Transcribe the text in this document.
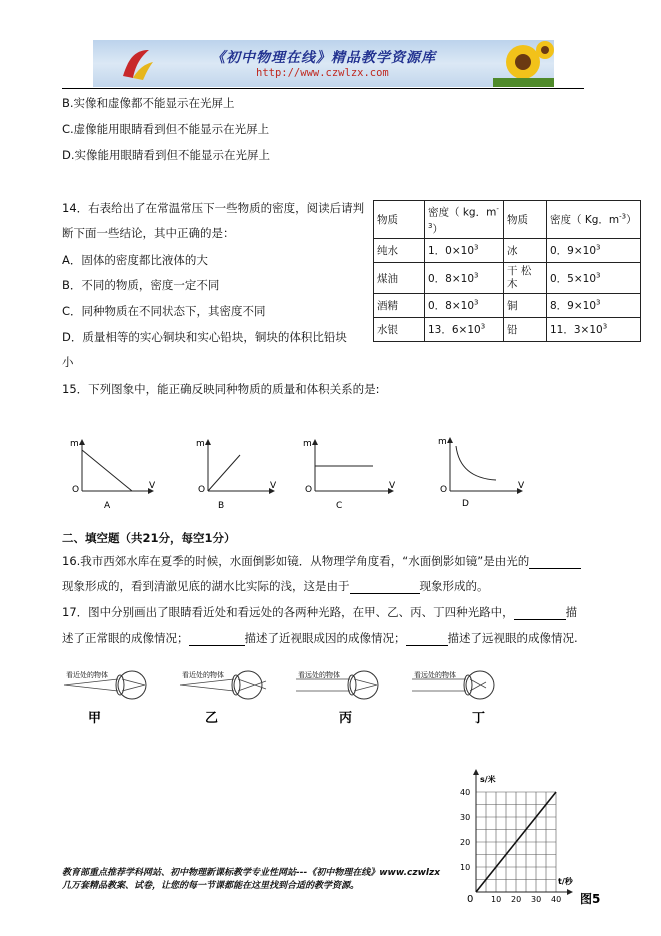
《初中物理在线》精品教学资源库
http://www.czwlzx.com
B.实像和虚像都不能显示在光屏上
C.虚像能用眼睛看到但不能显示在光屏上
D.实像能用眼睛看到但不能显示在光屏上
14．右表给出了在常温常压下一些物质的密度，阅读后请判
断下面一些结论，其中正确的是：
A．固体的密度都比液体的大
B．不同的物质，密度一定不同
C．同种物质在不同状态下，其密度不同
D．质量相等的实心铜块和实心铅块，铜块的体积比铅块
小
物质	密度（ kg．$m^{-3}$）	物质	密度（ Kg．$m^{-3}$）
纯水	1．$0\times 10^3$	冰	0．$9\times 10^3$
煤油	0．$8\times 10^3$	干 松 木	0．$5\times 10^3$
酒精	0．$8\times 10^3$	铜	8．$9\times 10^3$
水银	13．$6\times 10^3$	铅	11．$3\times 10^3$
15．下列图象中，能正确反映同种物质的质量和体积关系的是:
m
O	V
A
m
O	V
B
m
O	V
C
m
O	V
D
二、填空题（共21分，每空1分）
16.我市西郊水库在夏季的时候，水面倒影如镜．从物理学角度看，“水面倒影如镜”是由光的
现象形成的，看到清澈见底的湖水比实际的浅，这是由于	现象形成的。
17．图中分别画出了眼睛看近处和看远处的各两种光路，在甲、乙、丙、丁四种光路中，	描
述了正常眼的成像情况；	描述了近视眼成因的成像情况；	描述了远视眼的成像情况.
看近处的物体	看近处的物体	看远处的物体	看远处的物体
甲	乙	丙	丁
40
30
20
10
10 20 30 40
s/米
t/秒
0	图5
教育部重点推荐学科网站、初中物理新课标教学专业性网站---《初中物理在线》www.czwlzx
几万套精品教案、试卷，让您的每一节课都能在这里找到合适的教学资源。
